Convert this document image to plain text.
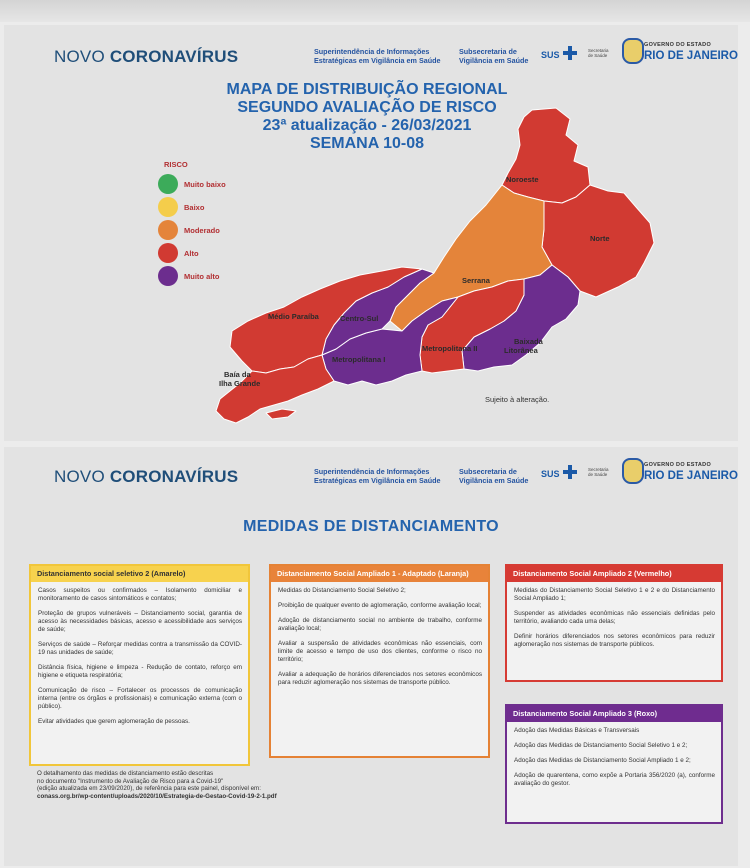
NOVO CORONAVÍRUS	Superintendência de Informações
Estratégicas em Vigilância em Saúde
Subsecretaria de
Vigilância em Saúde
SUS	Secretaria de Saúde
GOVERNO DO ESTADO
RIO DE JANEIRO
MAPA DE DISTRIBUIÇÃO REGIONAL
SEGUNDO AVALIAÇÃO DE RISCO
23ª atualização - 26/03/2021
SEMANA 10-08
RISCO
Muito baixo
Baixo
Moderado
Alto
Muito alto
Noroeste
Norte
Serrana
Médio Paraíba	Centro-Sul
Metropolitana I
Metropolitana II
Baixada
Litorânea
Baía da
Ilha Grande
Sujeito à alteração.
NOVO CORONAVÍRUS	Superintendência de Informações
Estratégicas em Vigilância em Saúde
Subsecretaria de
Vigilância em Saúde
SUS	Secretaria de Saúde
GOVERNO DO ESTADO
RIO DE JANEIRO
MEDIDAS DE DISTANCIAMENTO
Distanciamento social seletivo 2 (Amarelo)

Casos suspeitos ou confirmados – Isolamento domiciliar e monitoramento de casos sintomáticos e contatos;

Proteção de grupos vulneráveis – Distanciamento social, garantia de acesso às necessidades básicas, acesso e acessibilidade aos serviços de saúde;

Serviços de saúde – Reforçar medidas contra a transmissão da COVID-19 nas unidades de saúde;

Distância física, higiene e limpeza - Redução de contato, reforço em higiene e etiqueta respiratória;

Comunicação de risco – Fortalecer os processos de comunicação interna (entre os órgãos e profissionais) e comunicação externa (com o público).

Evitar atividades que gerem aglomeração de pessoas.

Distanciamento Social Ampliado 1 - Adaptado (Laranja)

Medidas do Distanciamento Social Seletivo 2;

Proibição de qualquer evento de aglomeração, conforme avaliação local;

Adoção de distanciamento social no ambiente de trabalho, conforme avaliação local;

Avaliar a suspensão de atividades econômicas não essenciais, com limite de acesso e tempo de uso dos clientes, conforme o risco no território;

Avaliar a adequação de horários diferenciados nos setores econômicos para reduzir aglomeração nos sistemas de transporte público.

Distanciamento Social Ampliado 2 (Vermelho)

Medidas do Distanciamento Social Seletivo 1 e 2 e do Distanciamento Social Ampliado 1;

Suspender as atividades econômicas não essenciais definidas pelo território, avaliando cada uma delas;

Definir horários diferenciados nos setores econômicos para reduzir aglomeração nos sistemas de transporte públicos.

Distanciamento Social Ampliado 3 (Roxo)

Adoção das Medidas Básicas e Transversais

Adoção das Medidas de Distanciamento Social Seletivo 1 e 2;

Adoção das Medidas de Distanciamento Social Ampliado 1 e 2;

Adoção de quarentena, como expõe a Portaria 356/2020 (a), conforme avaliação do gestor.

O detalhamento das medidas de distanciamento estão descritas
no documento "Instrumento de Avaliação de Risco para a Covid-19"
(edição atualizada em 23/09/2020), de referência para este painel, disponível em:
conass.org.br/wp-content/uploads/2020/10/Estrategia-de-Gestao-Covid-19-2-1.pdf
